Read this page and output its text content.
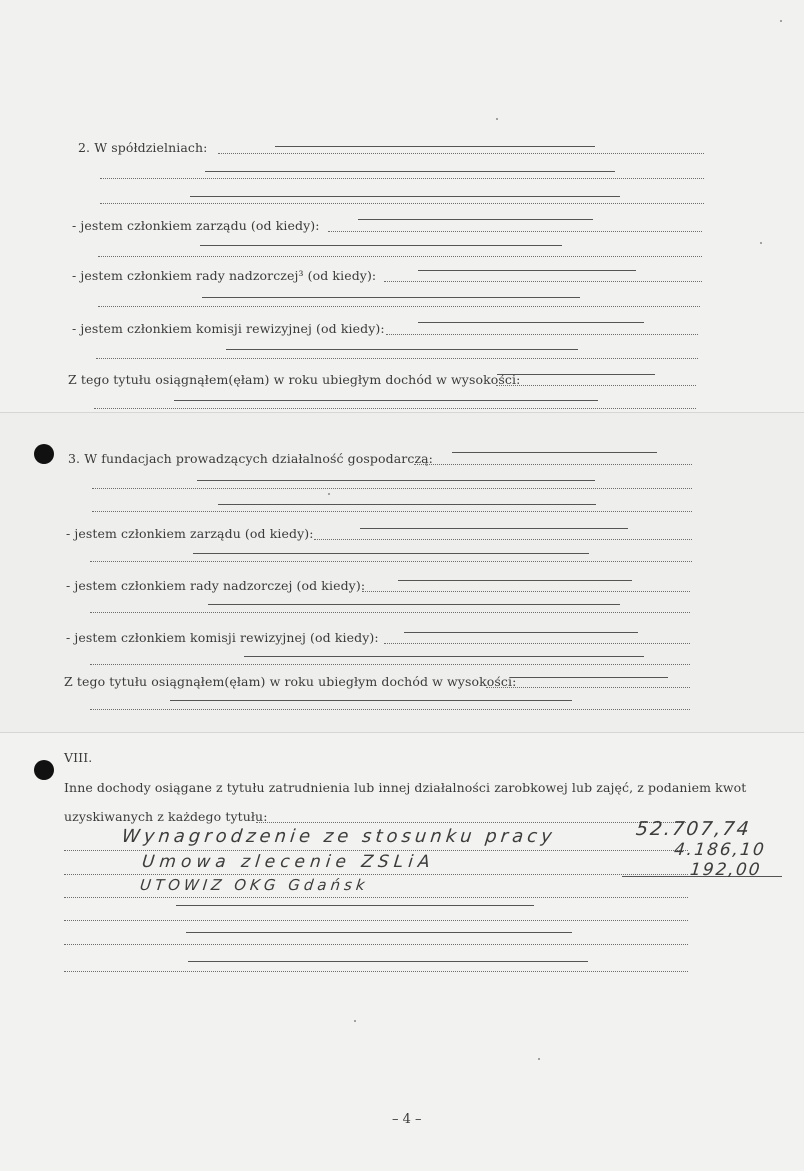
2. W spółdzielniach:
- jestem członkiem zarządu (od kiedy):
- jestem członkiem rady nadzorczej³ (od kiedy):
- jestem członkiem komisji rewizyjnej (od kiedy):
Z tego tytułu osiągnąłem(ęłam) w roku ubiegłym dochód w wysokości:
3. W fundacjach prowadzących działalność gospodarczą:
- jestem członkiem zarządu (od kiedy):
- jestem członkiem rady nadzorczej (od kiedy):
- jestem członkiem komisji rewizyjnej (od kiedy):
Z tego tytułu osiągnąłem(ęłam) w roku ubiegłym dochód w wysokości:
VIII.
Inne dochody osiągane z tytułu zatrudnienia lub innej działalności zarobkowej lub zajęć, z podaniem kwot
uzyskiwanych z każdego tytułu:
Wynagrodzenie ze stosunku pracy	52.707,74
Umowa zlecenie ZSLiA
4.186,10
UTOWIZ OKG Gdańsk
192,00
– 4 –
